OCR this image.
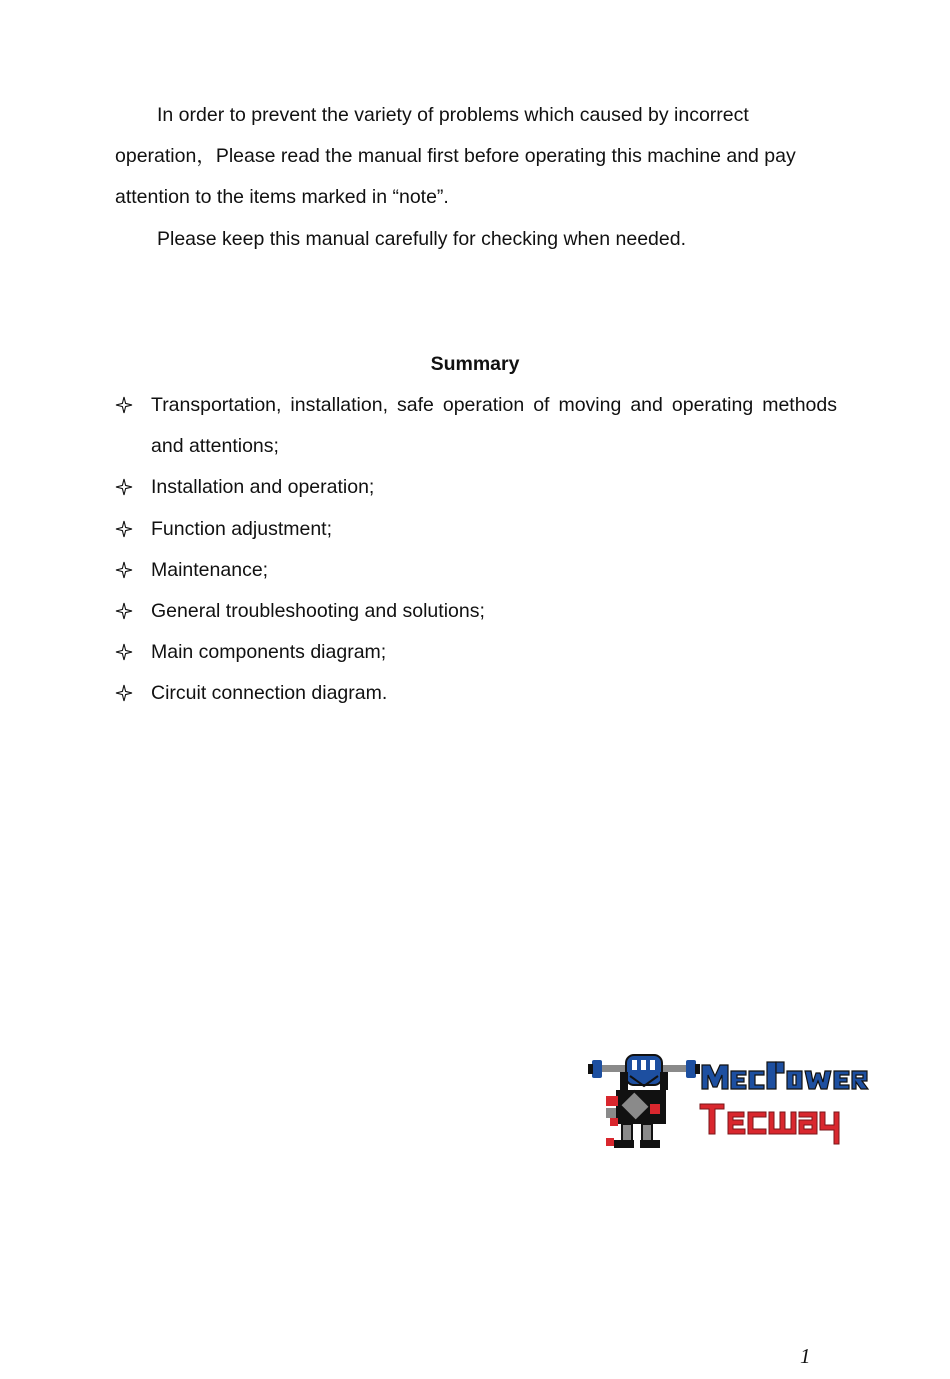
In order to prevent the variety of problems which caused by incorrect operation，Please read the manual first before operating this machine and pay attention to the items marked in “note”.

Please keep this manual carefully for checking when needed.

Summary
Transportation, installation, safe operation of moving and operating methods and attentions;
Installation and operation;
Function adjustment;
Maintenance;
General troubleshooting and solutions;
Main components diagram;
Circuit connection diagram.
1
